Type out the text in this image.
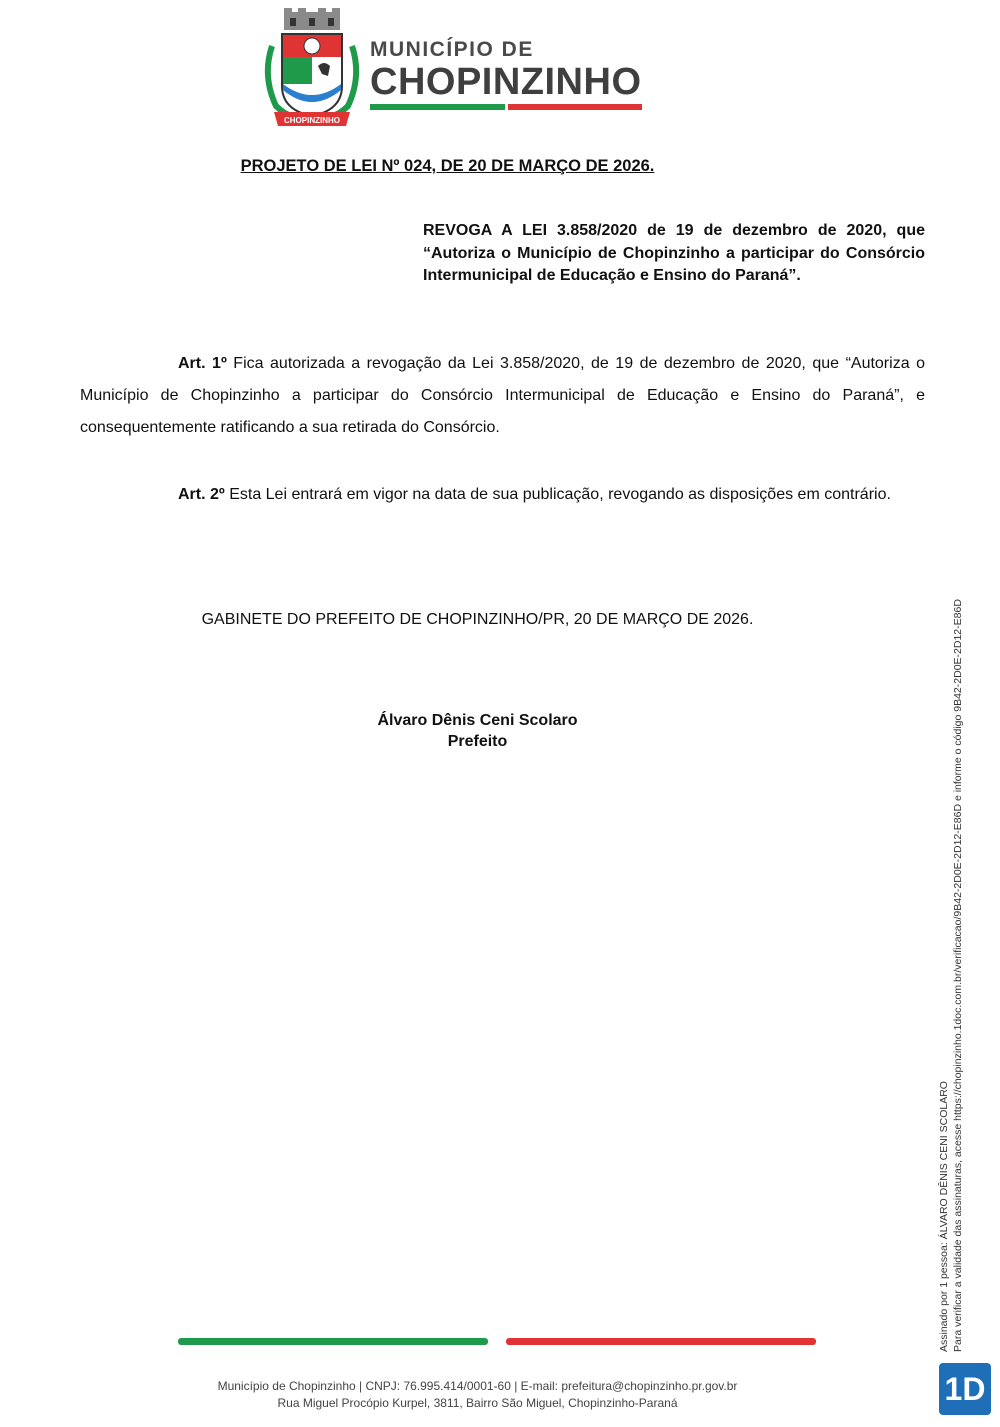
CHOPINZINHO
MUNICÍPIO DE
CHOPINZINHO
PROJETO DE LEI Nº 024, DE 20 DE MARÇO DE 2026.
REVOGA A LEI 3.858/2020 de 19 de dezembro de 2020, que “Autoriza o Município de Chopinzinho a participar do Consórcio Intermunicipal de Educação e Ensino do Paraná”.
Art. 1º Fica autorizada a revogação da Lei 3.858/2020, de 19 de dezembro de 2020, que “Autoriza o Município de Chopinzinho a participar do Consórcio Intermunicipal de Educação e Ensino do Paraná”, e consequentemente ratificando a sua retirada do Consórcio.
Art. 2º Esta Lei entrará em vigor na data de sua publicação, revogando as disposições em contrário.
GABINETE DO PREFEITO DE CHOPINZINHO/PR, 20 DE MARÇO DE 2026.
Álvaro Dênis Ceni Scolaro
Prefeito
Assinado por 1 pessoa: ÁLVARO DÊNIS CENI SCOLARO Para verificar a validade das assinaturas, acesse https://chopinzinho.1doc.com.br/verificacao/9B42-2D0E-2D12-E86D e informe o código 9B42-2D0E-2D12-E86D
Município de Chopinzinho | CNPJ: 76.995.414/0001-60 | E-mail: prefeitura@chopinzinho.pr.gov.br
Rua Miguel Procópio Kurpel, 3811, Bairro São Miguel, Chopinzinho-Paraná	1D
